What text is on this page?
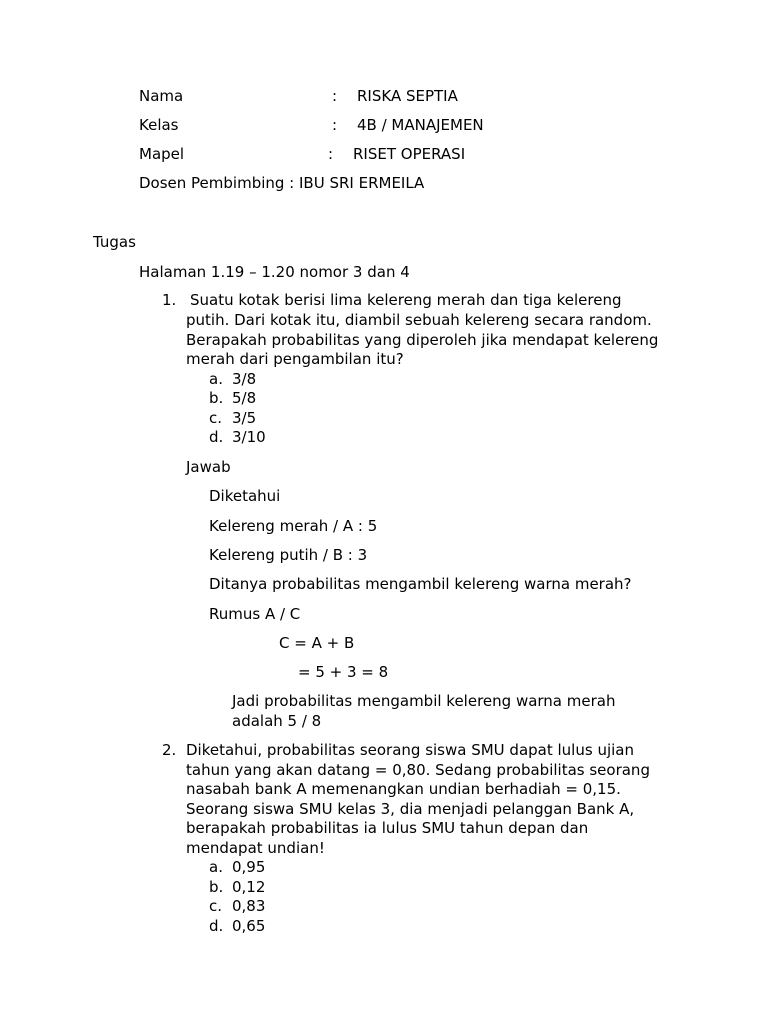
Nama	: RISKA SEPTIA
Kelas	: 4B / MANAJEMEN
Mapel	: RISET OPERASI
Dosen Pembimbing : IBU SRI ERMEILA
Tugas
Halaman 1.19 – 1.20 nomor 3 dan 4
1. Suatu kotak berisi lima kelereng merah dan tiga kelereng
putih. Dari kotak itu, diambil sebuah kelereng secara random.
Berapakah probabilitas yang diperoleh jika mendapat kelereng
merah dari pengambilan itu?
a. 3/8
b. 5/8
c. 3/5
d. 3/10
Jawab
Diketahui
Kelereng merah / A : 5
Kelereng putih / B : 3
Ditanya probabilitas mengambil kelereng warna merah?
Rumus A / C
C = A + B
= 5 + 3 = 8
Jadi probabilitas mengambil kelereng warna merah
adalah 5 / 8
2. Diketahui, probabilitas seorang siswa SMU dapat lulus ujian
tahun yang akan datang = 0,80. Sedang probabilitas seorang
nasabah bank A memenangkan undian berhadiah = 0,15.
Seorang siswa SMU kelas 3, dia menjadi pelanggan Bank A,
berapakah probabilitas ia lulus SMU tahun depan dan
mendapat undian!
a. 0,95
b. 0,12
c. 0,83
d. 0,65
